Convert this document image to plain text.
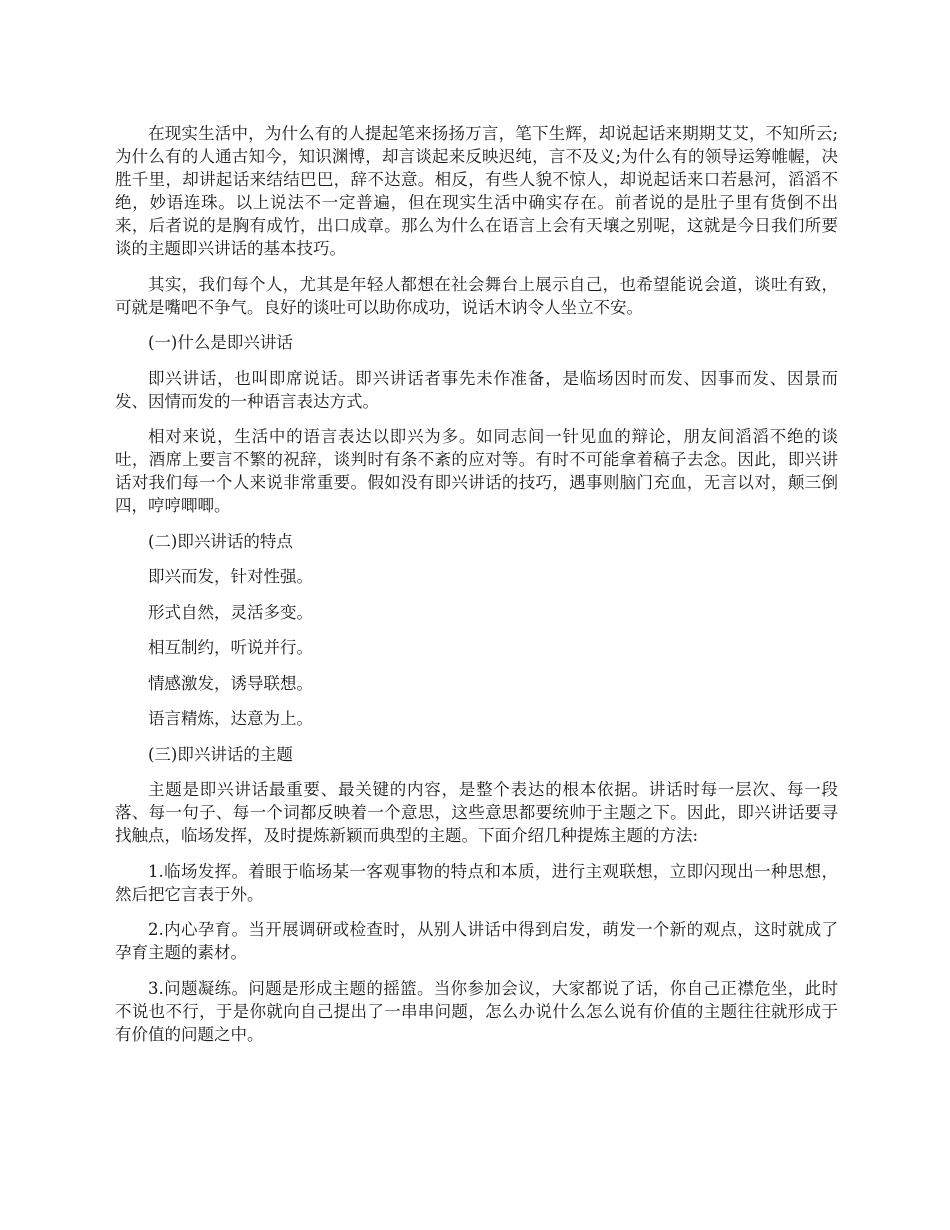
在现实生活中，为什么有的人提起笔来扬扬万言，笔下生辉，却说起话来期期艾艾，不知所云;为什么有的人通古知今，知识渊博，却言谈起来反映迟纯，言不及义;为什么有的领导运筹帷幄，决胜千里，却讲起话来结结巴巴，辞不达意。相反，有些人貌不惊人，却说起话来口若悬河，滔滔不绝，妙语连珠。以上说法不一定普遍，但在现实生活中确实存在。前者说的是肚子里有货倒不出来，后者说的是胸有成竹，出口成章。那么为什么在语言上会有天壤之别呢，这就是今日我们所要谈的主题即兴讲话的基本技巧。

其实，我们每个人，尤其是年轻人都想在社会舞台上展示自己，也希望能说会道，谈吐有致，可就是嘴吧不争气。良好的谈吐可以助你成功，说话木讷令人坐立不安。

(一)什么是即兴讲话

即兴讲话，也叫即席说话。即兴讲话者事先未作准备，是临场因时而发、因事而发、因景而发、因情而发的一种语言表达方式。

相对来说，生活中的语言表达以即兴为多。如同志间一针见血的辩论，朋友间滔滔不绝的谈吐，酒席上要言不繁的祝辞，谈判时有条不紊的应对等。有时不可能拿着稿子去念。因此，即兴讲话对我们每一个人来说非常重要。假如没有即兴讲话的技巧，遇事则脑门充血，无言以对，颠三倒四，哼哼唧唧。

(二)即兴讲话的特点

即兴而发，针对性强。

形式自然，灵活多变。

相互制约，听说并行。

情感激发，诱导联想。

语言精炼，达意为上。

(三)即兴讲话的主题

主题是即兴讲话最重要、最关键的内容，是整个表达的根本依据。讲话时每一层次、每一段落、每一句子、每一个词都反映着一个意思，这些意思都要统帅于主题之下。因此，即兴讲话要寻找触点，临场发挥，及时提炼新颖而典型的主题。下面介绍几种提炼主题的方法:

1.临场发挥。着眼于临场某一客观事物的特点和本质，进行主观联想，立即闪现出一种思想，然后把它言表于外。

2.内心孕育。当开展调研或检查时，从别人讲话中得到启发，萌发一个新的观点，这时就成了孕育主题的素材。

3.问题凝练。问题是形成主题的摇篮。当你参加会议，大家都说了话，你自己正襟危坐，此时不说也不行，于是你就向自己提出了一串串问题，怎么办说什么怎么说有价值的主题往往就形成于有价值的问题之中。
